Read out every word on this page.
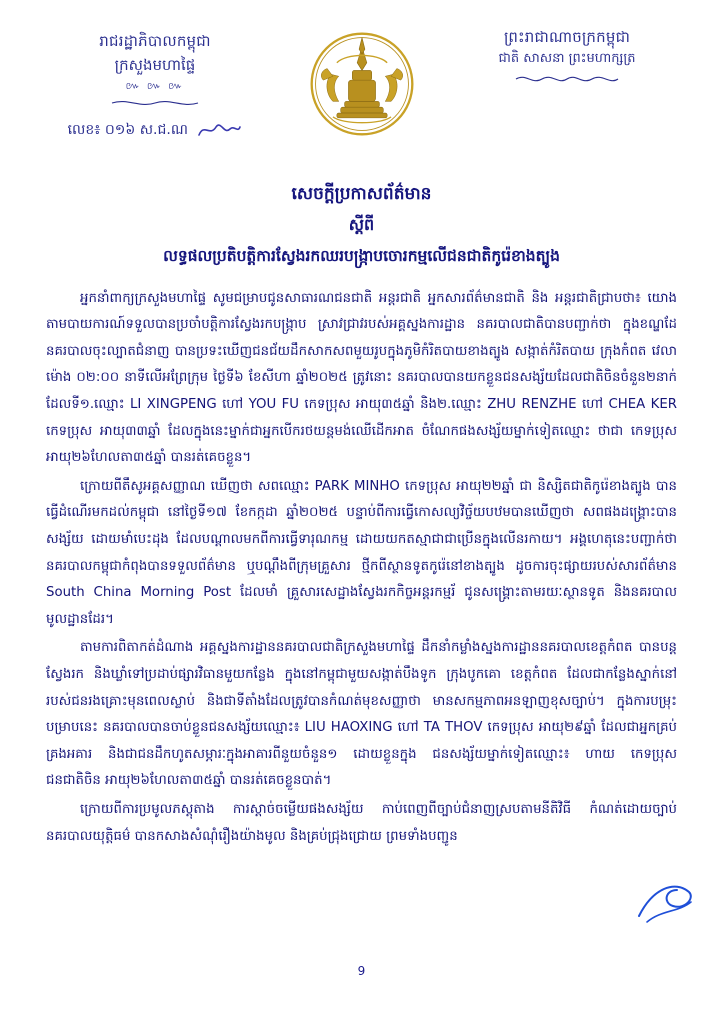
រាជរដ្ឋាភិបាលកម្ពុជា
ក្រសួងមហាផ្ទៃ
៚ ៚ ៚
លេខ៖ ០១៦ ស.ជ.ណ
ព្រះរាជាណាចក្រកម្ពុជា
ជាតិ សាសនា ព្រះមហាក្សត្រ
សេចក្ដីប្រកាសព័ត៌មាន
ស្ដីពី
លទ្ធផលប្រតិបត្តិការស្វែងរកឈរបង្ក្រាបចោរកម្មលើជនជាតិកូរ៉េខាងត្បូង

អ្នកនាំពាក្យក្រសួងមហាផ្ទៃ សូមជម្រាបជូនសាធារណជនជាតិ អន្តរជាតិ អ្នកសារព័ត៌មានជាតិ និង អន្តរជាតិជ្រាបថា៖ យោងតាមបាយការណ៍ទទួលបានប្រចាំបត្តិការស្វែងរកបង្ក្រាប ស្រាវជ្រាវរបស់អគ្គស្នងការដ្ឋាន នគរបាលជាតិបានបញ្ជាក់ថា ក្នុងខណ្ឌដែនគរបាលចុះល្បាតជំនាញ បានប្រទះឃើញជនជ័យដឹកសាកសពមួយរូបក្នុងភូមិកំរិតបាយខាងត្បូង សង្កាត់កំរិតបាយ ក្រុងកំពត វេលាម៉ោង ០២:០០ នាទីលើអព្រែក្រុម ថ្ងៃទី៦ ខែសីហា ឆ្នាំ២០២៥ ត្រូវនោះ នគរបាលបានយកខ្លួនជនសង្ស័យដែលជាតិចិនចំនួន២នាក់ ដែលទី១.ឈ្មោះ LI XINGPENG ហៅ YOU FU កេទប្រុស អាយុ៣៥ឆ្នាំ និង២.ឈ្មោះ ZHU RENZHE ហៅ CHEA KER កេទប្រុស អាយុ៣៣ឆ្នាំ ដែលក្នុងនេះម្នាក់ជាអ្នកបើករថយន្តមង់ឈើដើកអាត ចំណែកផងសង្ស័យម្នាក់ទៀតឈ្មោះ ថាជា កេទប្រុស អាយុ២៦ហែលតា៣៥ឆ្នាំ បានរត់គេចខ្លួន។

ក្រោយពីតឹសូអគ្គសញ្ញាណ ឃើញថា សពឈ្មោះ PARK MINHO កេទប្រុស អាយុ២២ឆ្នាំ ជា និស្សិតជាតិកូរ៉េខាងត្បូង បានធ្វើដំណើរមកដល់កម្ពុជា នៅថ្ងៃទី១៧ ខែកក្កដា ឆ្នាំ២០២៥ បន្ទាប់ពីការធ្វើកោសល្យវិច្ច័យបឋមបានឃើញថា សពផងដង្គ្រោះបានសង្ស័យ ដោយមាំបេះដុង ដែលបណ្ដាលមកពីការធ្វើទារុណកម្ម ដោយយកតស្មាជាជាប្រើនក្នុងលើនរកាយ។ អង្គហេតុនេះបញ្ជាក់ថា នគរបាលកម្ពុជាកំពុងបានទទួលព័ត៌មាន ឬបណ្ដឹងពីក្រុមគ្រួសារ ថ្មីកពីស្ថានទូតកូរ៉េនៅខាងត្បូង ដូចការចុះផ្សាយរបស់សារព័ត៌មាន South China Morning Post ដែលមាំ គ្រួសារសេដ្ឋាងស្វែងរកកិច្ចអន្តរកម្មរ័ ជូនសង្រ្គោះតាមរយៈស្ថានទូត និងនគរបាលមូលដ្ឋានដែរ។

តាមការពិតាកត់ដំណាង អគ្គស្នងការដ្ឋាននគរបាលជាតិក្រសួងមហាផ្ទៃ ដឹកនាំកម្លាំងស្នងការដ្ឋាននគរបាលខេត្តកំពត បានបន្តស្វែងរក និងឃ្លាំទៅប្រដាប់ផ្សារវិធានមួយកន្លែង ក្នុងនៅកម្ពុជាមួយសង្កាត់បឹងទូក ក្រុងបូកគោ ខេត្តកំពត ដែលជាកន្លែងស្នាក់នៅរបស់ជនរងគ្រោះមុនពេលស្លាប់ និងជាទីតាំងដែលត្រូវបានកំណត់មុខសញ្ញាថា មានសកម្មភាពអនឡាញខុសច្បាប់។ ក្នុងការបម្រុះបម្រាបនេះ នគរបាលបានចាប់ខ្លួនជនសង្ស័យឈ្មោះ៖ LIU HAOXING ហៅ TA THOV កេទប្រុស អាយុ២៩ឆ្នាំ ដែលជាអ្នកគ្រប់គ្រងអគារ និងជាជនដឹកហូតសម្ភារៈក្នុងអាគារពីនួយចំនួន១ ដោយខ្លួនក្នុង ជនសង្ស័យម្នាក់ទៀតឈ្មោះ៖ ហាយ កេទប្រុស ជនជាតិចិន អាយុ២៦ហែលតា៣៥ឆ្នាំ បានរត់គេចខ្លួនបាត់។

ក្រោយពីការប្រមូលភស្តុតាង ការស្ដាច់ចម្លើយផងសង្ស័យ កាប់ពេញពីច្បាប់ជំនាញស្របតាមនីតិវិធី កំណត់ដោយច្បាប់ នគរបាលយុត្តិធម៌ បានកសាងសំណុំរឿងយ៉ាងមូល និងគ្រប់ជ្រុងជ្រោយ ព្រមទាំងបញ្ជូន

9
